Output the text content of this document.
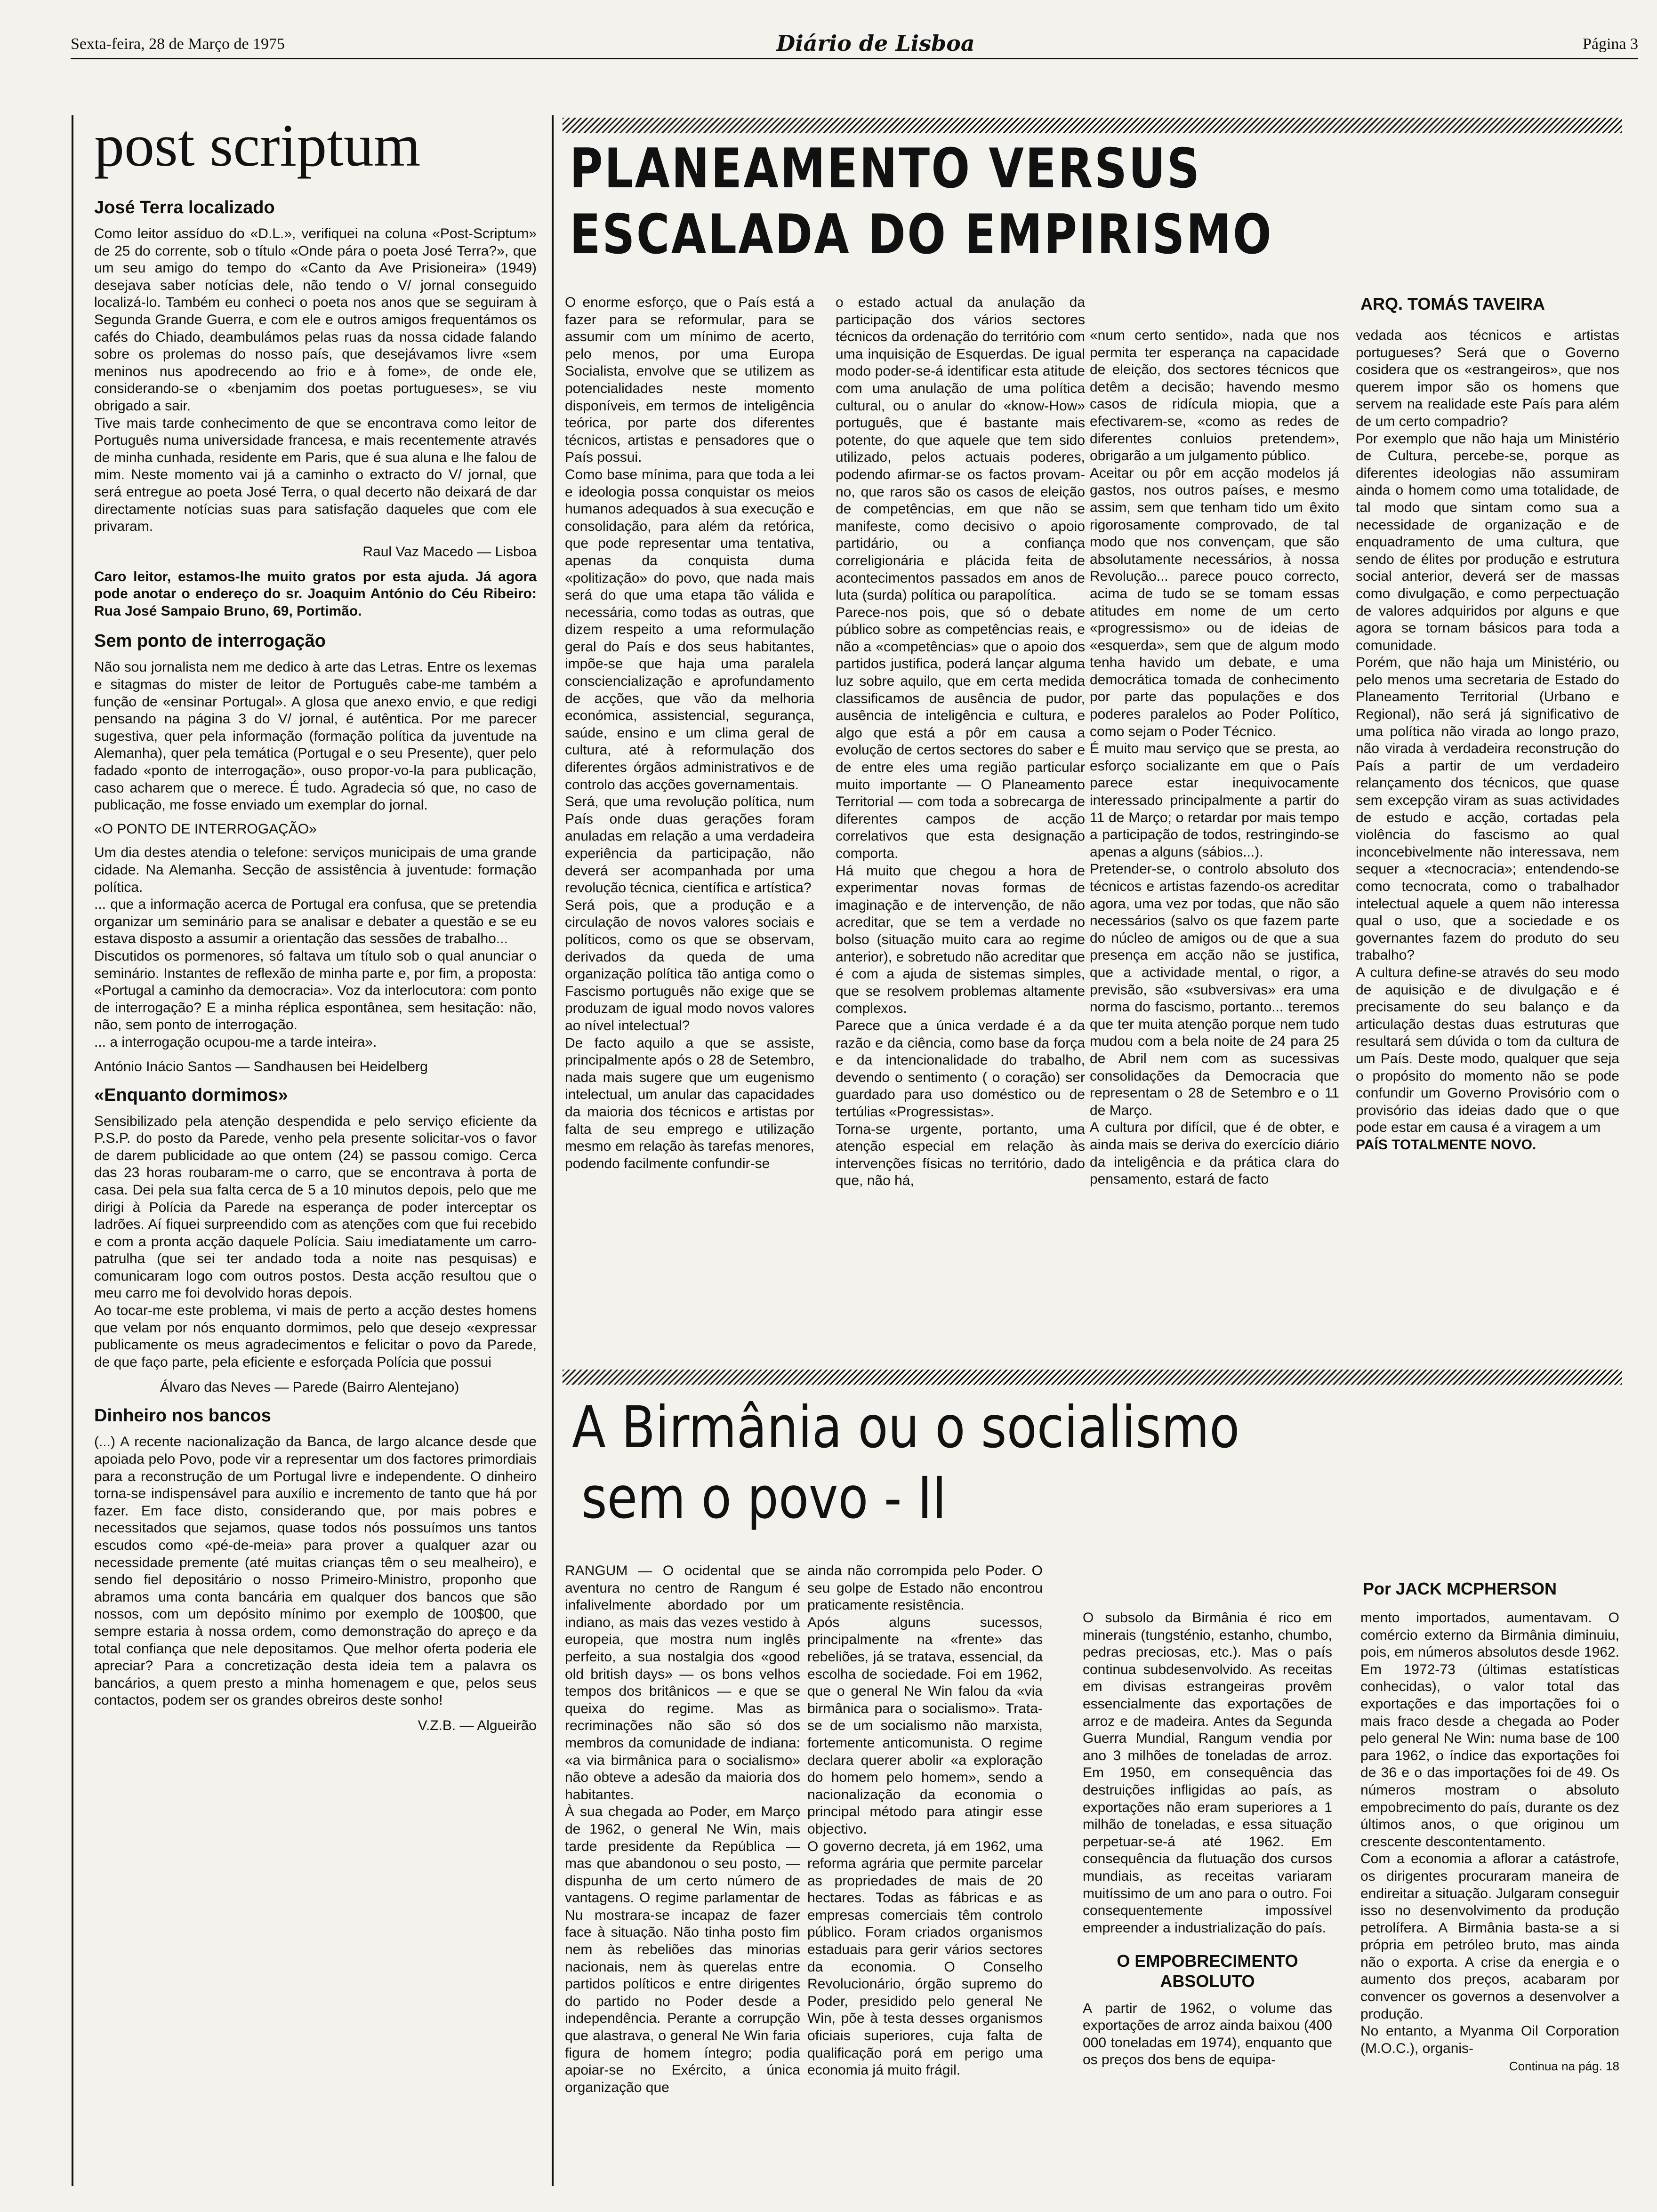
Sexta-feira, 28 de Março de 1975	Diário de Lisboa	Página 3
post scriptum
José Terra localizado
Como leitor assíduo do «D.L.», verifiquei na coluna «Post-Scriptum» de 25 do corrente, sob o título «Onde pára o poeta José Terra?», que um seu amigo do tempo do «Canto da Ave Prisioneira» (1949) desejava saber notícias dele, não tendo o V/ jornal conseguido localizá-lo. Também eu conheci o poeta nos anos que se seguiram à Segunda Grande Guerra, e com ele e outros amigos frequentámos os cafés do Chiado, deambulámos pelas ruas da nossa cidade falando sobre os prolemas do nosso país, que desejávamos livre «sem meninos nus apodrecendo ao frio e à fome», de onde ele, considerando-se o «benjamim dos poetas portugueses», se viu obrigado a sair.
Tive mais tarde conhecimento de que se encontrava como leitor de Português numa universidade francesa, e mais recentemente através de minha cunhada, residente em Paris, que é sua aluna e lhe falou de mim. Neste momento vai já a caminho o extracto do V/ jornal, que será entregue ao poeta José Terra, o qual decerto não deixará de dar directamente notícias suas para satisfação daqueles que com ele privaram.
Raul Vaz Macedo — Lisboa
Caro leitor, estamos-lhe muito gratos por esta ajuda. Já agora pode anotar o endereço do sr. Joaquim António do Céu Ribeiro: Rua José Sampaio Bruno, 69, Portimão.
Sem ponto de interrogação
Não sou jornalista nem me dedico à arte das Letras. Entre os lexemas e sitagmas do mister de leitor de Português cabe-me também a função de «ensinar Portugal». A glosa que anexo envio, e que redigi pensando na página 3 do V/ jornal, é autêntica. Por me parecer sugestiva, quer pela informação (formação política da juventude na Alemanha), quer pela temática (Portugal e o seu Presente), quer pelo fadado «ponto de interrogação», ouso propor-vo-la para publicação, caso acharem que o merece. É tudo. Agradecia só que, no caso de publicação, me fosse enviado um exemplar do jornal.
«O PONTO DE INTERROGAÇÃO»
Um dia destes atendia o telefone: serviços municipais de uma grande cidade. Na Alemanha. Secção de assistência à juventude: formação política.
... que a informação acerca de Portugal era confusa, que se pretendia organizar um seminário para se analisar e debater a questão e se eu estava disposto a assumir a orientação das sessões de trabalho...
Discutidos os pormenores, só faltava um título sob o qual anunciar o seminário. Instantes de reflexão de minha parte e, por fim, a proposta: «Portugal a caminho da democracia». Voz da interlocutora: com ponto de interrogação? E a minha réplica espontânea, sem hesitação: não, não, sem ponto de interrogação.
... a interrogação ocupou-me a tarde inteira».
António Inácio Santos — Sandhausen bei Heidelberg
«Enquanto dormimos»
Sensibilizado pela atenção despendida e pelo serviço eficiente da P.S.P. do posto da Parede, venho pela presente solicitar-vos o favor de darem publicidade ao que ontem (24) se passou comigo. Cerca das 23 horas roubaram-me o carro, que se encontrava à porta de casa. Dei pela sua falta cerca de 5 a 10 minutos depois, pelo que me dirigi à Polícia da Parede na esperança de poder interceptar os ladrões. Aí fiquei surpreendido com as atenções com que fui recebido e com a pronta acção daquele Polícia. Saiu imediatamente um carro-patrulha (que sei ter andado toda a noite nas pesquisas) e comunicaram logo com outros postos. Desta acção resultou que o meu carro me foi devolvido horas depois.
Ao tocar-me este problema, vi mais de perto a acção destes homens que velam por nós enquanto dormimos, pelo que desejo «expressar publicamente os meus agradecimentos e felicitar o povo da Parede, de que faço parte, pela eficiente e esforçada Polícia que possui
Álvaro das Neves — Parede (Bairro Alentejano)
Dinheiro nos bancos
(...) A recente nacionalização da Banca, de largo alcance desde que apoiada pelo Povo, pode vir a representar um dos factores primordiais para a reconstrução de um Portugal livre e independente. O dinheiro torna-se indispensável para auxílio e incremento de tanto que há por fazer. Em face disto, considerando que, por mais pobres e necessitados que sejamos, quase todos nós possuímos uns tantos escudos como «pé-de-meia» para prover a qualquer azar ou necessidade premente (até muitas crianças têm o seu mealheiro), e sendo fiel depositário o nosso Primeiro-Ministro, proponho que abramos uma conta bancária em qualquer dos bancos que são nossos, com um depósito mínimo por exemplo de 100$00, que sempre estaria à nossa ordem, como demonstração do apreço e da total confiança que nele depositamos. Que melhor oferta poderia ele apreciar? Para a concretização desta ideia tem a palavra os bancários, a quem presto a minha homenagem e que, pelos seus contactos, podem ser os grandes obreiros deste sonho!
V.Z.B. — Algueirão
PLANEAMENTO VERSUS
ESCALADA DO EMPIRISMO
ARQ. TOMÁS TAVEIRA
O enorme esforço, que o País está a fazer para se reformular, para se assumir com um mínimo de acerto, pelo menos, por uma Europa Socialista, envolve que se utilizem as potencialidades neste momento disponíveis, em termos de inteligência teórica, por parte dos diferentes técnicos, artistas e pensadores que o País possui.
Como base mínima, para que toda a lei e ideologia possa conquistar os meios humanos adequados à sua execução e consolidação, para além da retórica, que pode representar uma tentativa, apenas da conquista duma «politização» do povo, que nada mais será do que uma etapa tão válida e necessária, como todas as outras, que dizem respeito a uma reformulação geral do País e dos seus habitantes, impõe-se que haja uma paralela consciencialização e aprofundamento de acções, que vão da melhoria económica, assistencial, segurança, saúde, ensino e um clima geral de cultura, até à reformulação dos diferentes órgãos administrativos e de controlo das acções governamentais.
Será, que uma revolução política, num País onde duas gerações foram anuladas em relação a uma verdadeira experiência da participação, não deverá ser acompanhada por uma revolução técnica, científica e artística?
Será pois, que a produção e a circulação de novos valores sociais e políticos, como os que se observam, derivados da queda de uma organização política tão antiga como o Fascismo português não exige que se produzam de igual modo novos valores ao nível intelectual?
De facto aquilo a que se assiste, principalmente após o 28 de Setembro, nada mais sugere que um eugenismo intelectual, um anular das capacidades da maioria dos técnicos e artistas por falta de seu emprego e utilização mesmo em relação às tarefas menores, podendo facilmente confundir-se
o estado actual da anulação da participação dos vários sectores técnicos da ordenação do território com uma inquisição de Esquerdas. De igual modo poder-se-á identificar esta atitude com uma anulação de uma política cultural, ou o anular do «know-How» português, que é bastante mais potente, do que aquele que tem sido utilizado, pelos actuais poderes, podendo afirmar-se os factos provam-no, que raros são os casos de eleição de competências, em que não se manifeste, como decisivo o apoio partidário, ou a confiança correligionária e plácida feita de acontecimentos passados em anos de luta (surda) política ou parapolítica.
Parece-nos pois, que só o debate público sobre as competências reais, e não a «competências» que o apoio dos partidos justifica, poderá lançar alguma luz sobre aquilo, que em certa medida classificamos de ausência de pudor, ausência de inteligência e cultura, e algo que está a pôr em causa a evolução de certos sectores do saber e de entre eles uma região particular muito importante — O Planeamento Territorial — com toda a sobrecarga de diferentes campos de acção correlativos que esta designação comporta.
Há muito que chegou a hora de experimentar novas formas de imaginação e de intervenção, de não acreditar, que se tem a verdade no bolso (situação muito cara ao regime anterior), e sobretudo não acreditar que é com a ajuda de sistemas simples, que se resolvem problemas altamente complexos.
Parece que a única verdade é a da razão e da ciência, como base da força e da intencionalidade do trabalho, devendo o sentimento ( o coração) ser guardado para uso doméstico ou de tertúlias «Progressistas».
Torna-se urgente, portanto, uma atenção especial em relação às intervenções físicas no território, dado que, não há,
«num certo sentido», nada que nos permita ter esperança na capacidade de eleição, dos sectores técnicos que detêm a decisão; havendo mesmo casos de ridícula miopia, que a efectivarem-se, «como as redes de diferentes conluios pretendem», obrigarão a um julgamento público.
Aceitar ou pôr em acção modelos já gastos, nos outros países, e mesmo assim, sem que tenham tido um êxito rigorosamente comprovado, de tal modo que nos convençam, que são absolutamente necessários, à nossa Revolução... parece pouco correcto, acima de tudo se se tomam essas atitudes em nome de um certo «progressismo» ou de ideias de «esquerda», sem que de algum modo tenha havido um debate, e uma democrática tomada de conhecimento por parte das populações e dos poderes paralelos ao Poder Político, como sejam o Poder Técnico.
É muito mau serviço que se presta, ao esforço socializante em que o País parece estar inequivocamente interessado principalmente a partir do 11 de Março; o retardar por mais tempo a participação de todos, restringindo-se apenas a alguns (sábios...).
Pretender-se, o controlo absoluto dos técnicos e artistas fazendo-os acreditar agora, uma vez por todas, que não são necessários (salvo os que fazem parte do núcleo de amigos ou de que a sua presença em acção não se justifica, que a actividade mental, o rigor, a previsão, são «subversivas» era uma norma do fascismo, portanto... teremos que ter muita atenção porque nem tudo mudou com a bela noite de 24 para 25 de Abril nem com as sucessivas consolidações da Democracia que representam o 28 de Setembro e o 11 de Março.
A cultura por difícil, que é de obter, e ainda mais se deriva do exercício diário da inteligência e da prática clara do pensamento, estará de facto
vedada aos técnicos e artistas portugueses? Será que o Governo cosidera que os «estrangeiros», que nos querem impor são os homens que servem na realidade este País para além de um certo compadrio?
Por exemplo que não haja um Ministério de Cultura, percebe-se, porque as diferentes ideologias não assumiram ainda o homem como uma totalidade, de tal modo que sintam como sua a necessidade de organização e de enquadramento de uma cultura, que sendo de élites por produção e estrutura social anterior, deverá ser de massas como divulgação, e como perpectuação de valores adquiridos por alguns e que agora se tornam básicos para toda a comunidade.
Porém, que não haja um Ministério, ou pelo menos uma secretaria de Estado do Planeamento Territorial (Urbano e Regional), não será já significativo de uma política não virada ao longo prazo, não virada à verdadeira reconstrução do País a partir de um verdadeiro relançamento dos técnicos, que quase sem excepção viram as suas actividades de estudo e acção, cortadas pela violência do fascismo ao qual inconcebivelmente não interessava, nem sequer a «tecnocracia»; entendendo-se como tecnocrata, como o trabalhador intelectual aquele a quem não interessa qual o uso, que a sociedade e os governantes fazem do produto do seu trabalho?
A cultura define-se através do seu modo de aquisição e de divulgação e é precisamente do seu balanço e da articulação destas duas estruturas que resultará sem dúvida o tom da cultura de um País. Deste modo, qualquer que seja o propósito do momento não se pode confundir um Governo Provisório com o provisório das ideias dado que o que pode estar em causa é a viragem a um
PAÍS TOTALMENTE NOVO.
A Birmânia ou o socialismo
sem o povo - II
Por JACK MCPHERSON
RANGUM — O ocidental que se aventura no centro de Rangum é infalivelmente abordado por um indiano, as mais das vezes vestido à europeia, que mostra num inglês perfeito, a sua nostalgia dos «good old british days» — os bons velhos tempos dos britânicos — e que se queixa do regime. Mas as recriminações não são só dos membros da comunidade de indiana: «a via birmânica para o socialismo» não obteve a adesão da maioria dos habitantes.
À sua chegada ao Poder, em Março de 1962, o general Ne Win, mais tarde presidente da República — mas que abandonou o seu posto, — dispunha de um certo número de vantagens. O regime parlamentar de Nu mostrara-se incapaz de fazer face à situação. Não tinha posto fim nem às rebeliões das minorias nacionais, nem às querelas entre partidos políticos e entre dirigentes do partido no Poder desde a independência. Perante a corrupção que alastrava, o general Ne Win faria figura de homem íntegro; podia apoiar-se no Exército, a única organização que
ainda não corrompida pelo Poder. O seu golpe de Estado não encontrou praticamente resistência.
Após alguns sucessos, principalmente na «frente» das rebeliões, já se tratava, essencial, da escolha de sociedade. Foi em 1962, que o general Ne Win falou da «via birmânica para o socialismo». Trata-se de um socialismo não marxista, fortemente anticomunista. O regime declara querer abolir «a exploração do homem pelo homem», sendo a nacionalização da economia o principal método para atingir esse objectivo.
O governo decreta, já em 1962, uma reforma agrária que permite parcelar as propriedades de mais de 20 hectares. Todas as fábricas e as empresas comerciais têm controlo público. Foram criados organismos estaduais para gerir vários sectores da economia. O Conselho Revolucionário, órgão supremo do Poder, presidido pelo general Ne Win, põe à testa desses organismos oficiais superiores, cuja falta de qualificação porá em perigo uma economia já muito frágil.
O subsolo da Birmânia é rico em minerais (tungsténio, estanho, chumbo, pedras preciosas, etc.). Mas o país continua subdesenvolvido. As receitas em divisas estrangeiras provêm essencialmente das exportações de arroz e de madeira. Antes da Segunda Guerra Mundial, Rangum vendia por ano 3 milhões de toneladas de arroz. Em 1950, em consequência das destruições infligidas ao país, as exportações não eram superiores a 1 milhão de toneladas, e essa situação perpetuar-se-á até 1962. Em consequência da flutuação dos cursos mundiais, as receitas variaram muitíssimo de um ano para o outro. Foi consequentemente impossível empreender a industrialização do país.
O EMPOBRECIMENTO ABSOLUTO
A partir de 1962, o volume das exportações de arroz ainda baixou (400 000 toneladas em 1974), enquanto que os preços dos bens de equipa-
mento importados, aumentavam. O comércio externo da Birmânia diminuiu, pois, em números absolutos desde 1962. Em 1972-73 (últimas estatísticas conhecidas), o valor total das exportações e das importações foi o mais fraco desde a chegada ao Poder pelo general Ne Win: numa base de 100 para 1962, o índice das exportações foi de 36 e o das importações foi de 49. Os números mostram o absoluto empobrecimento do país, durante os dez últimos anos, o que originou um crescente descontentamento.
Com a economia a aflorar a catástrofe, os dirigentes procuraram maneira de endireitar a situação. Julgaram conseguir isso no desenvolvimento da produção petrolífera. A Birmânia basta-se a si própria em petróleo bruto, mas ainda não o exporta. A crise da energia e o aumento dos preços, acabaram por convencer os governos a desenvolver a produção.
No entanto, a Myanma Oil Corporation (M.O.C.), organis-
Continua na pág. 18
